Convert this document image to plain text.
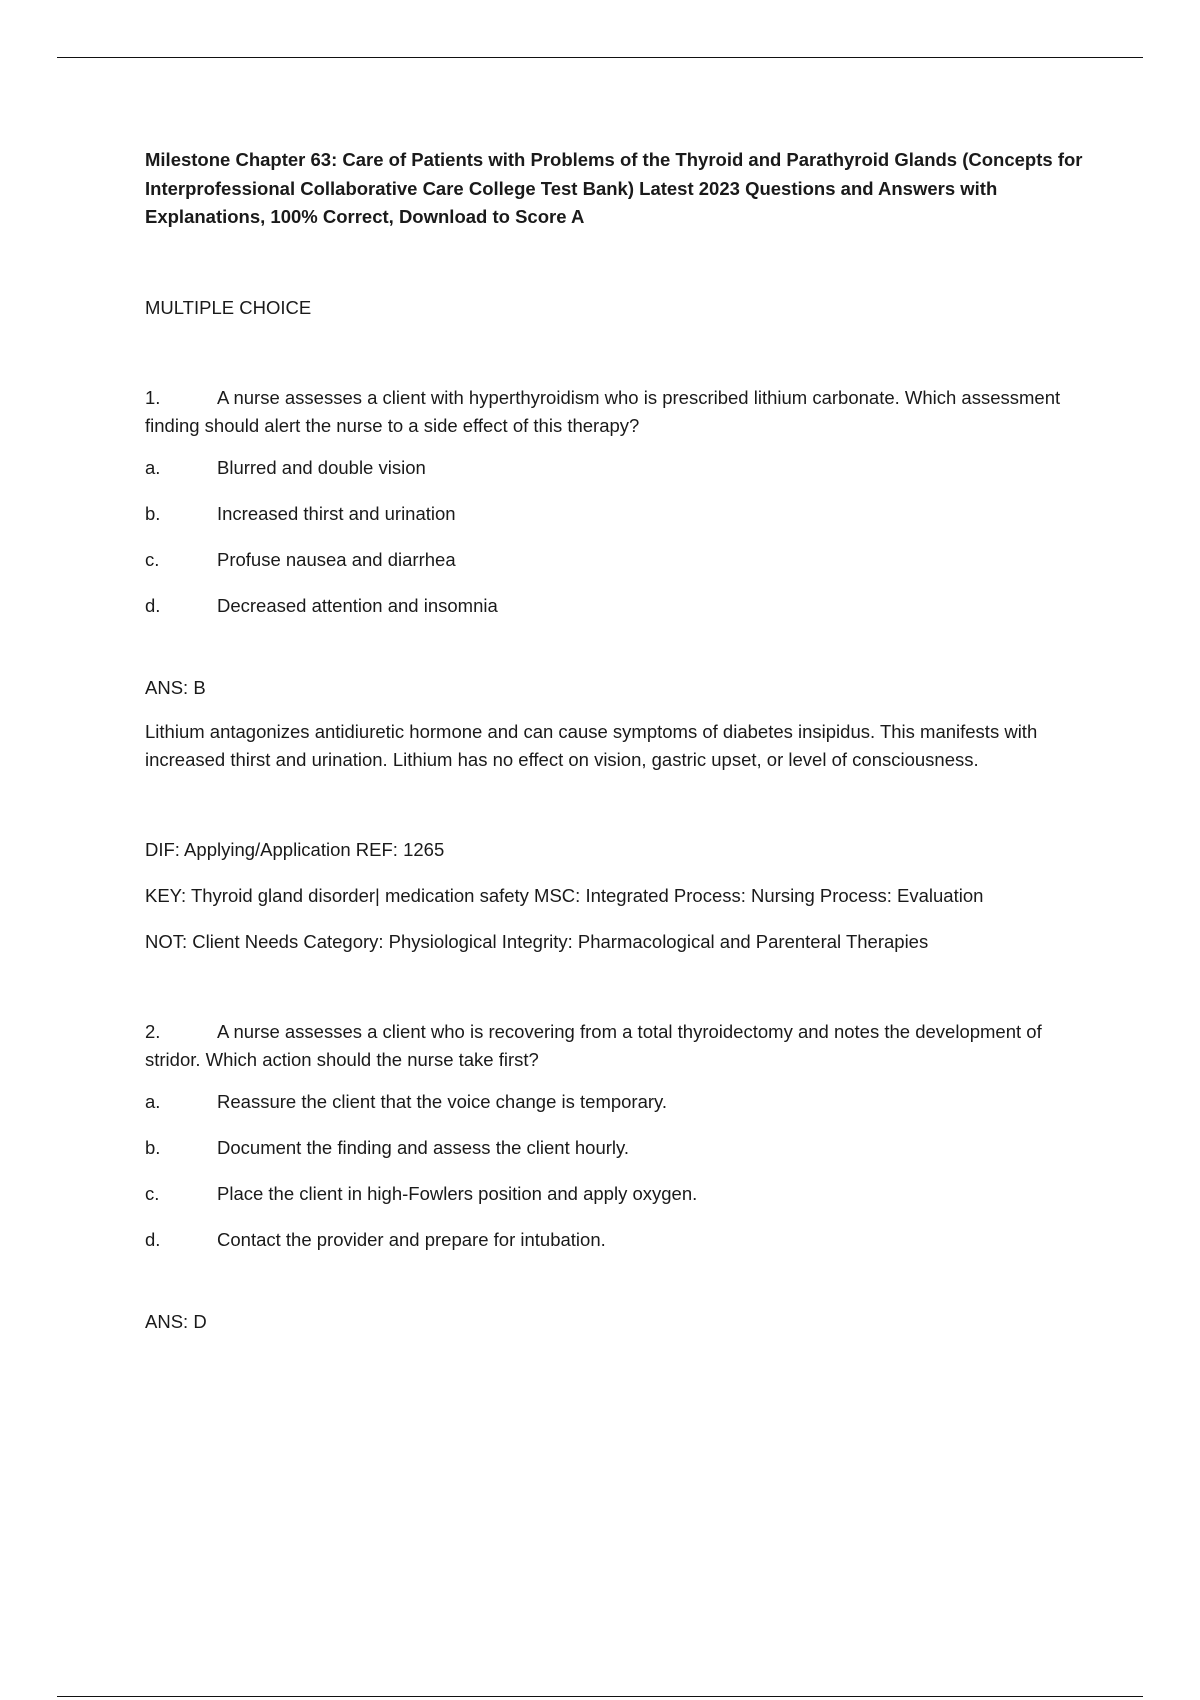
Milestone Chapter 63: Care of Patients with Problems of the Thyroid and Parathyroid Glands (Concepts for Interprofessional Collaborative Care College Test Bank) Latest 2023 Questions and Answers with Explanations, 100% Correct, Download to Score A

MULTIPLE CHOICE
1.	A nurse assesses a client with hyperthyroidism who is prescribed lithium carbonate. Which assessment finding should alert the nurse to a side effect of this therapy?
a.	Blurred and double vision
b.	Increased thirst and urination
c.	Profuse nausea and diarrhea
d.	Decreased attention and insomnia
ANS: B
Lithium antagonizes antidiuretic hormone and can cause symptoms of diabetes insipidus. This manifests with increased thirst and urination. Lithium has no effect on vision, gastric upset, or level of consciousness.
DIF: Applying/Application REF: 1265
KEY: Thyroid gland disorder| medication safety MSC: Integrated Process: Nursing Process: Evaluation
NOT: Client Needs Category: Physiological Integrity: Pharmacological and Parenteral Therapies
2.	A nurse assesses a client who is recovering from a total thyroidectomy and notes the development of stridor. Which action should the nurse take first?
a.	Reassure the client that the voice change is temporary.
b.	Document the finding and assess the client hourly.
c.	Place the client in high-Fowlers position and apply oxygen.
d.	Contact the provider and prepare for intubation.
ANS: D
